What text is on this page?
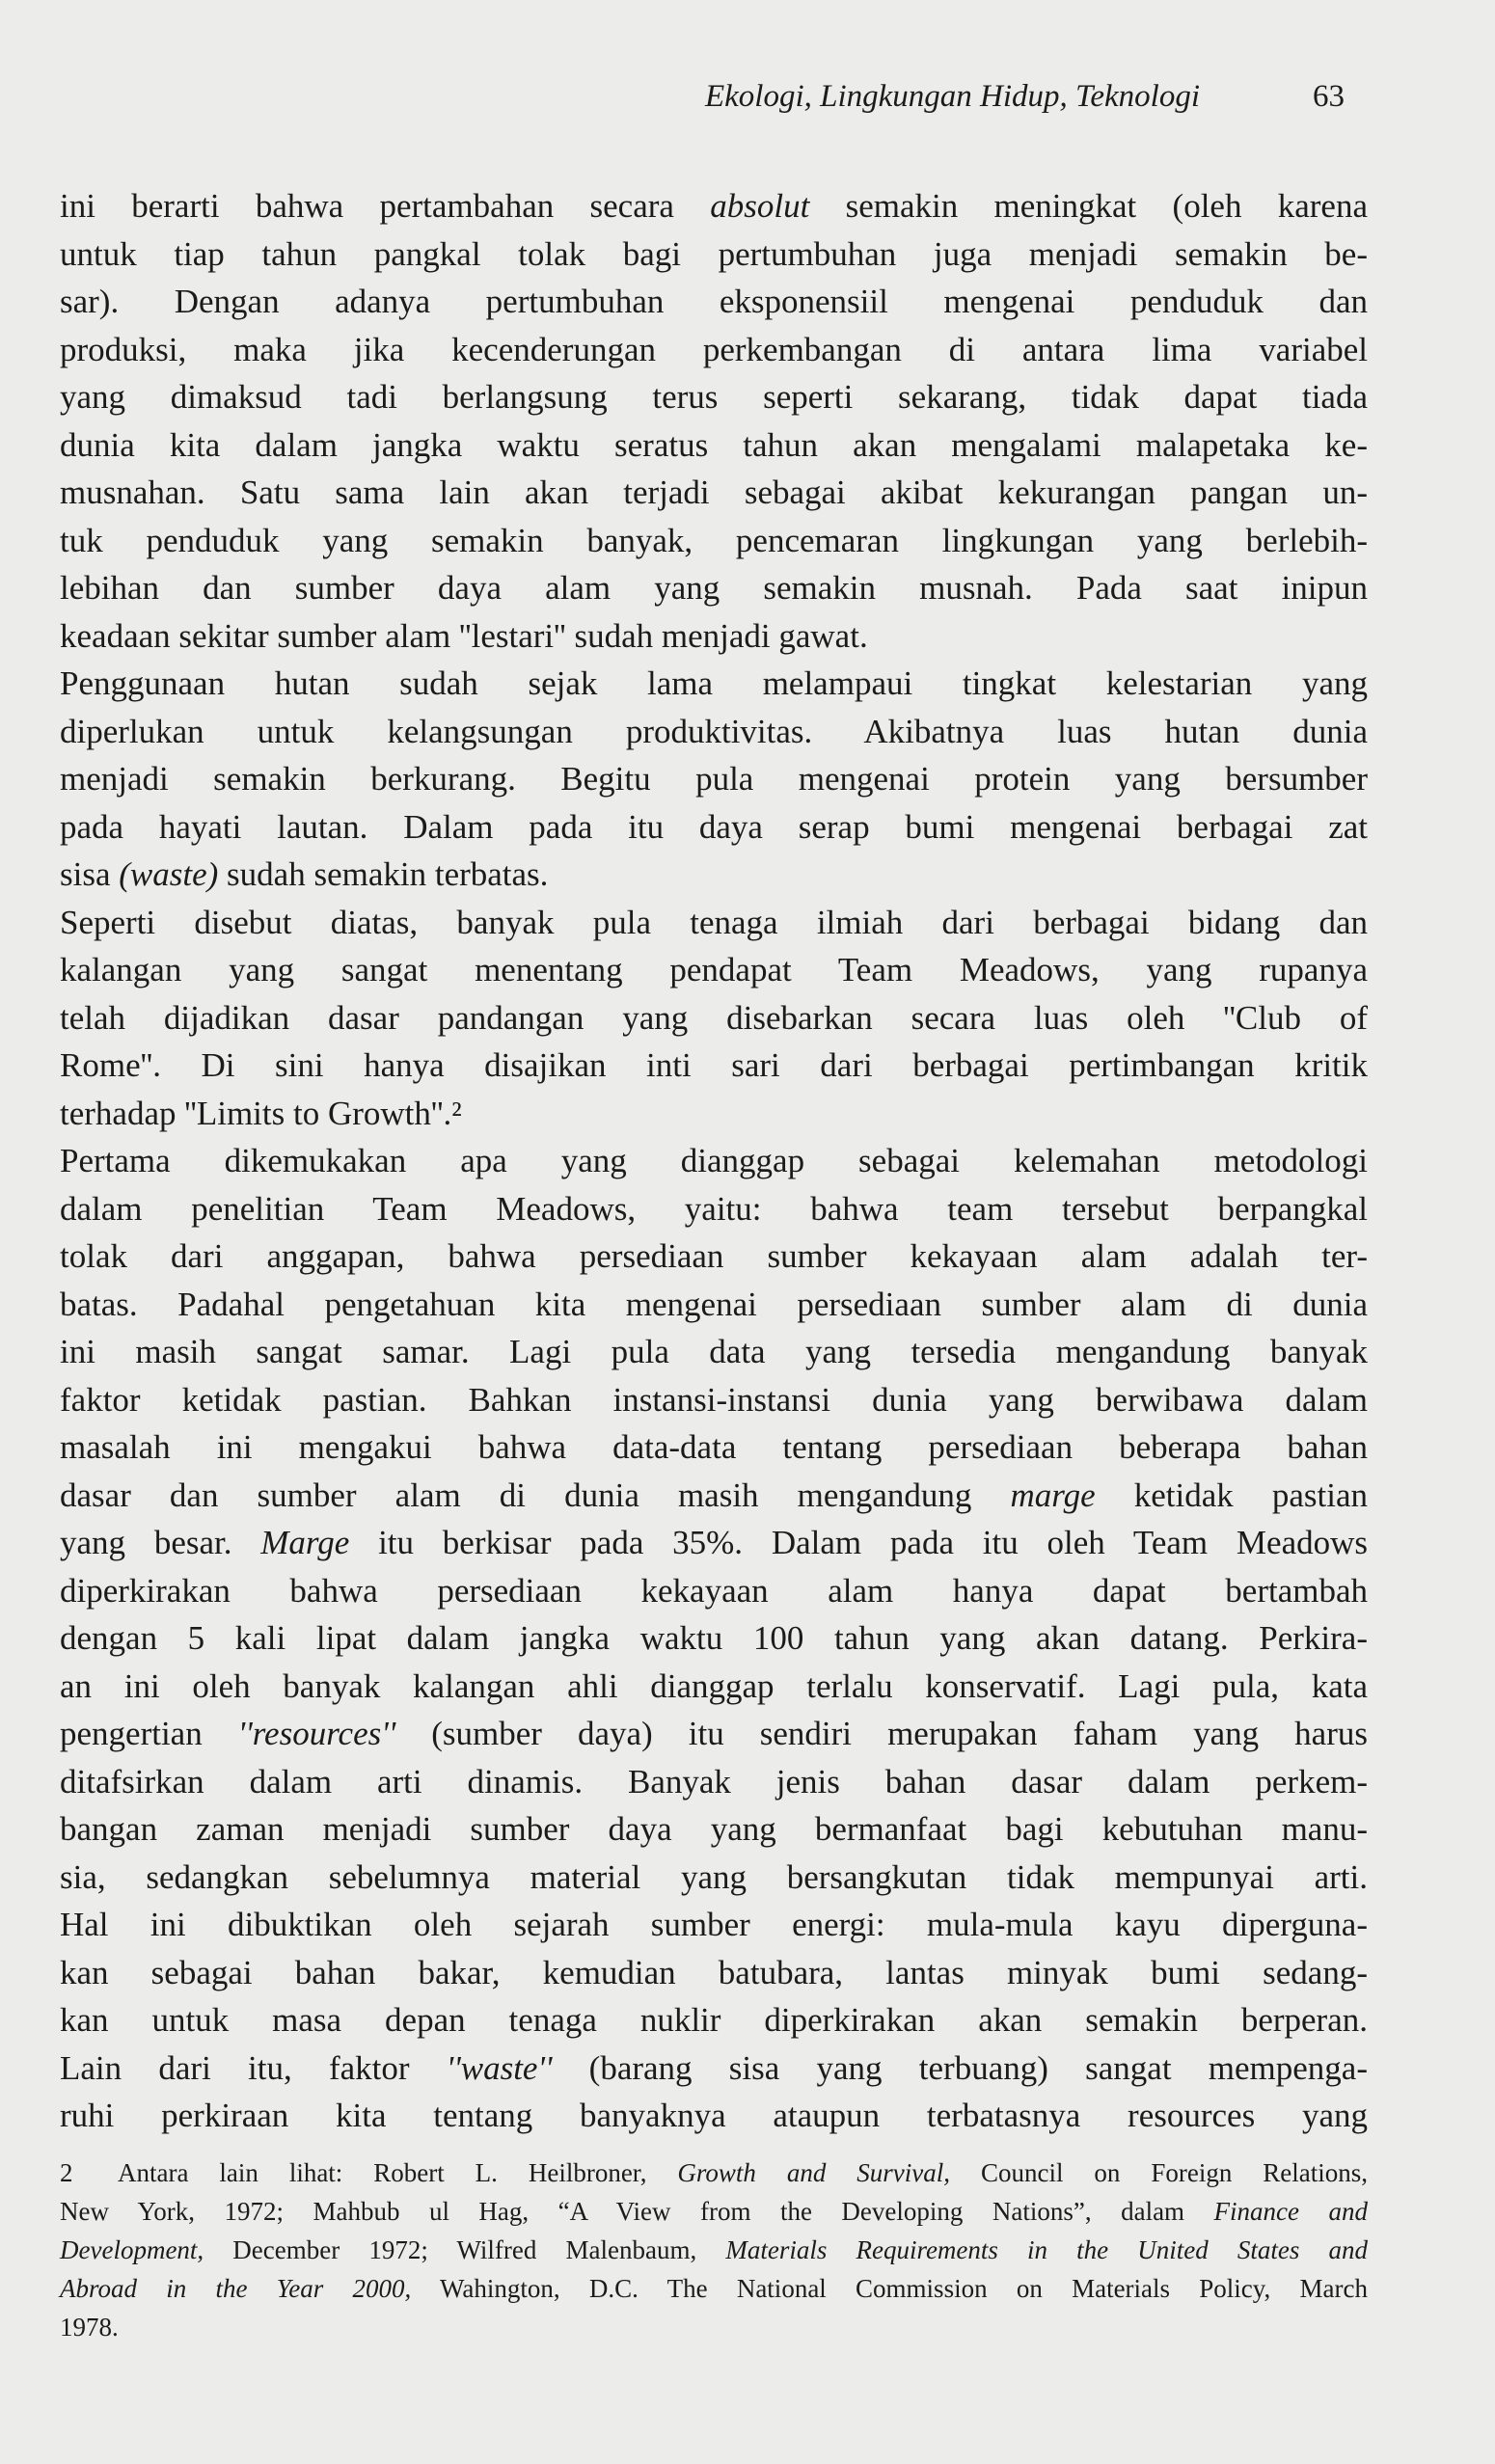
Ekologi, Lingkungan Hidup, Teknologi	63
ini berarti bahwa pertambahan secara absolut semakin meningkat (oleh karena
untuk tiap tahun pangkal tolak bagi pertumbuhan juga menjadi semakin be-
sar). Dengan adanya pertumbuhan eksponensiil mengenai penduduk dan
produksi, maka jika kecenderungan perkembangan di antara lima variabel
yang dimaksud tadi berlangsung terus seperti sekarang, tidak dapat tiada
dunia kita dalam jangka waktu seratus tahun akan mengalami malapetaka ke-
musnahan. Satu sama lain akan terjadi sebagai akibat kekurangan pangan un-
tuk penduduk yang semakin banyak, pencemaran lingkungan yang berlebih-
lebihan dan sumber daya alam yang semakin musnah. Pada saat inipun
keadaan sekitar sumber alam ''lestari'' sudah menjadi gawat.
Penggunaan hutan sudah sejak lama melampaui tingkat kelestarian yang
diperlukan untuk kelangsungan produktivitas. Akibatnya luas hutan dunia
menjadi semakin berkurang. Begitu pula mengenai protein yang bersumber
pada hayati lautan. Dalam pada itu daya serap bumi mengenai berbagai zat
sisa (waste) sudah semakin terbatas.
Seperti disebut diatas, banyak pula tenaga ilmiah dari berbagai bidang dan
kalangan yang sangat menentang pendapat Team Meadows, yang rupanya
telah dijadikan dasar pandangan yang disebarkan secara luas oleh ''Club of
Rome''. Di sini hanya disajikan inti sari dari berbagai pertimbangan kritik
terhadap ''Limits to Growth''.²
Pertama dikemukakan apa yang dianggap sebagai kelemahan metodologi
dalam penelitian Team Meadows, yaitu: bahwa team tersebut berpangkal
tolak dari anggapan, bahwa persediaan sumber kekayaan alam adalah ter-
batas. Padahal pengetahuan kita mengenai persediaan sumber alam di dunia
ini masih sangat samar. Lagi pula data yang tersedia mengandung banyak
faktor ketidak pastian. Bahkan instansi-instansi dunia yang berwibawa dalam
masalah ini mengakui bahwa data-data tentang persediaan beberapa bahan
dasar dan sumber alam di dunia masih mengandung marge ketidak pastian
yang besar. Marge itu berkisar pada 35%. Dalam pada itu oleh Team Meadows
diperkirakan bahwa persediaan kekayaan alam hanya dapat bertambah
dengan 5 kali lipat dalam jangka waktu 100 tahun yang akan datang. Perkira-
an ini oleh banyak kalangan ahli dianggap terlalu konservatif. Lagi pula, kata
pengertian ''resources'' (sumber daya) itu sendiri merupakan faham yang harus
ditafsirkan dalam arti dinamis. Banyak jenis bahan dasar dalam perkem-
bangan zaman menjadi sumber daya yang bermanfaat bagi kebutuhan manu-
sia, sedangkan sebelumnya material yang bersangkutan tidak mempunyai arti.
Hal ini dibuktikan oleh sejarah sumber energi: mula-mula kayu diperguna-
kan sebagai bahan bakar, kemudian batubara, lantas minyak bumi sedang-
kan untuk masa depan tenaga nuklir diperkirakan akan semakin berperan.
Lain dari itu, faktor ''waste'' (barang sisa yang terbuang) sangat mempenga-
ruhi perkiraan kita tentang banyaknya ataupun terbatasnya resources yang
2	Antara lain lihat: Robert L. Heilbroner, Growth and Survival, Council on Foreign Relations,
New York, 1972; Mahbub ul Hag, “A View from the Developing Nations”, dalam Finance and
Development, December 1972; Wilfred Malenbaum, Materials Requirements in the United States and
Abroad in the Year 2000, Wahington, D.C. The National Commission on Materials Policy, March
1978.
